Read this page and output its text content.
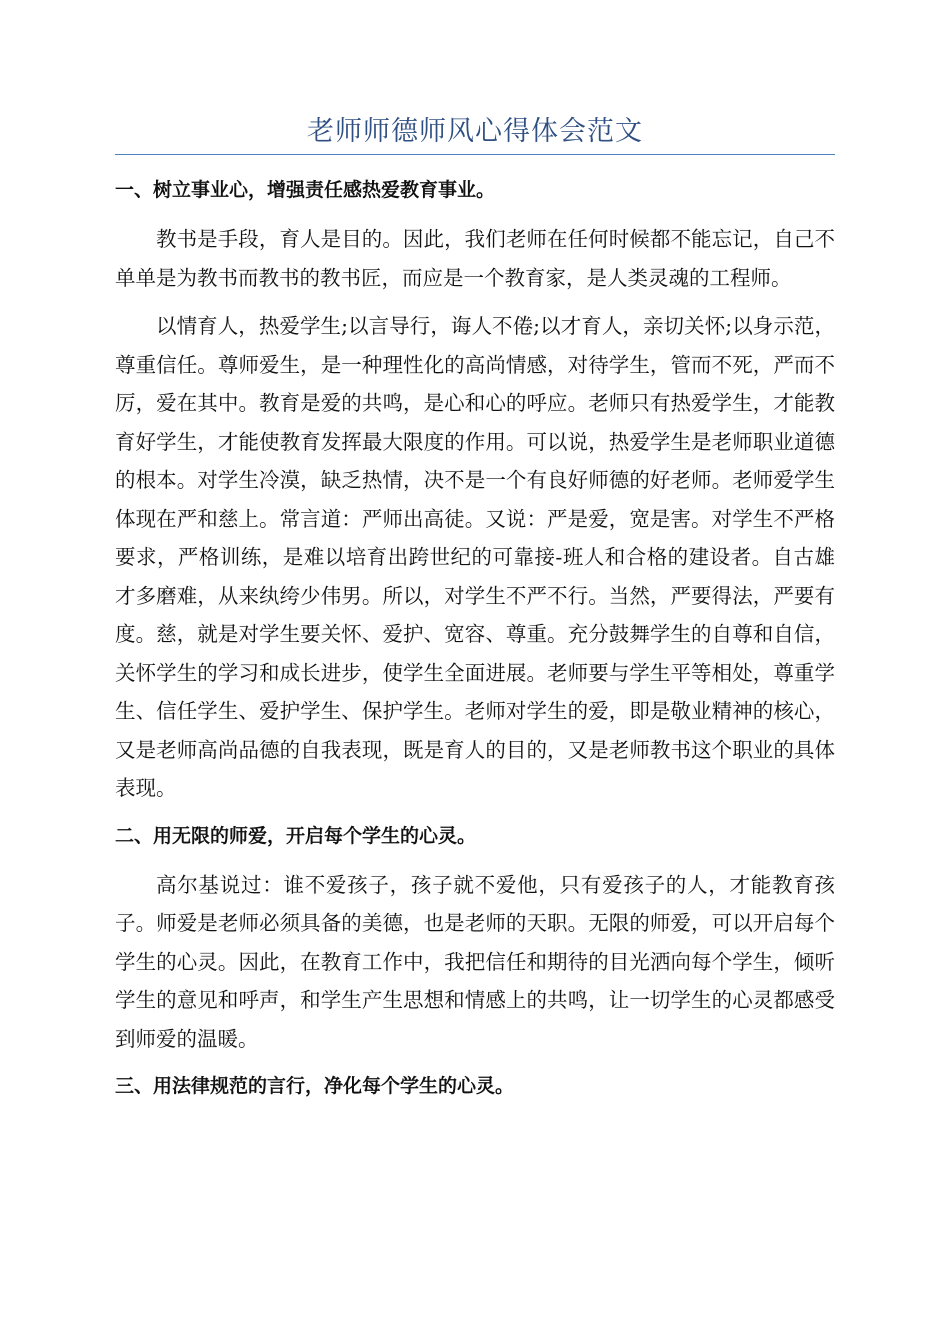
老师师德师风心得体会范文
一、树立事业心，增强责任感热爱教育事业。

教书是手段，育人是目的。因此，我们老师在任何时候都不能忘记，自己不单单是为教书而教书的教书匠，而应是一个教育家，是人类灵魂的工程师。

以情育人，热爱学生;以言导行，诲人不倦;以才育人，亲切关怀;以身示范，尊重信任。尊师爱生，是一种理性化的高尚情感，对待学生，管而不死，严而不厉，爱在其中。教育是爱的共鸣，是心和心的呼应。老师只有热爱学生，才能教育好学生，才能使教育发挥最大限度的作用。可以说，热爱学生是老师职业道德的根本。对学生冷漠，缺乏热情，决不是一个有良好师德的好老师。老师爱学生体现在严和慈上。常言道：严师出高徒。又说：严是爱，宽是害。对学生不严格要求，严格训练，是难以培育出跨世纪的可靠接-班人和合格的建设者。自古雄才多磨难，从来纨绔少伟男。所以，对学生不严不行。当然，严要得法，严要有度。慈，就是对学生要关怀、爱护、宽容、尊重。充分鼓舞学生的自尊和自信，关怀学生的学习和成长进步，使学生全面进展。老师要与学生平等相处，尊重学生、信任学生、爱护学生、保护学生。老师对学生的爱，即是敬业精神的核心，又是老师高尚品德的自我表现，既是育人的目的，又是老师教书这个职业的具体表现。

二、用无限的师爱，开启每个学生的心灵。

高尔基说过：谁不爱孩子，孩子就不爱他，只有爱孩子的人，才能教育孩子。师爱是老师必须具备的美德，也是老师的天职。无限的师爱，可以开启每个学生的心灵。因此，在教育工作中，我把信任和期待的目光洒向每个学生，倾听学生的意见和呼声，和学生产生思想和情感上的共鸣，让一切学生的心灵都感受到师爱的温暖。

三、用法律规范的言行，净化每个学生的心灵。
